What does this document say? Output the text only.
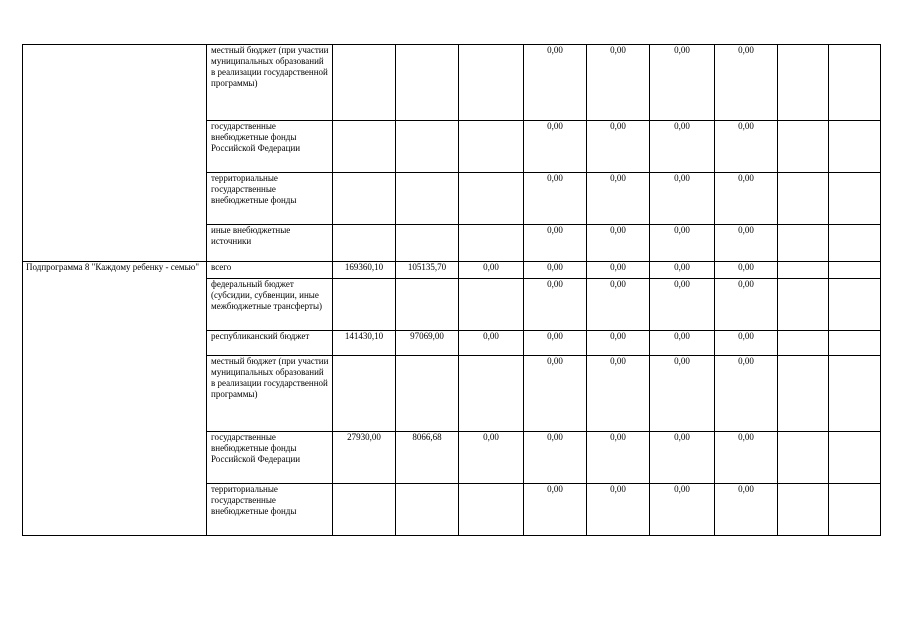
	местный бюджет (при участии муниципальных образований в реализации государственной программы)				0,00	0,00	0,00	0,00		
	государственные внебюджетные фонды Российской Федерации				0,00	0,00	0,00	0,00		
	территориальные государственные внебюджетные фонды				0,00	0,00	0,00	0,00		
	иные внебюджетные источники				0,00	0,00	0,00	0,00		
Подпрограмма 8 "Каждому ребенку - семью"	всего	169360,10	105135,70	0,00	0,00	0,00	0,00	0,00		
	федеральный бюджет (субсидии, субвенции, иные межбюджетные трансферты)				0,00	0,00	0,00	0,00		
	республиканский бюджет	141430,10	97069,00	0,00	0,00	0,00	0,00	0,00		
	местный бюджет (при участии муниципальных образований в реализации государственной программы)				0,00	0,00	0,00	0,00		
	государственные внебюджетные фонды Российской Федерации	27930,00	8066,68	0,00	0,00	0,00	0,00	0,00		
	территориальные государственные внебюджетные фонды				0,00	0,00	0,00	0,00		
